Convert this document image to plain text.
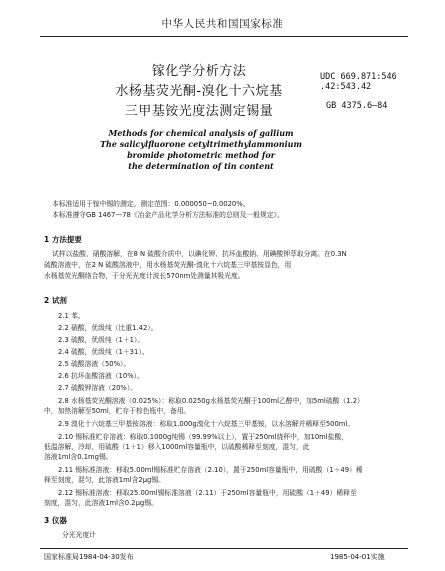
中华人民共和国国家标准
镓化学分析方法
水杨基荧光酮-溴化十六烷基
三甲基铵光度法测定锡量
UDC 669.871:546
.42:543.42
GB 4375.6—84
Methods for chemical analysis of gallium
The salicylfluorone cetyltrimethylammonium
bromide photometric method for
the determination of tin content
本标准适用于镓中锡的测定。测定范围：0.000050~0.0020%。
本标准遵守GB 1467—78《冶金产品化学分析方法标准的总则及一般规定》。
1 方法提要
试样以盐酸、硝酸溶解，在8 N 硫酸介质中，以碘化钾、抗坏血酸钠、用碘酸钾萃取分离。在0.3N
硫酸溶液中，在2 N 硫酸溶液中，用水杨基荧光酮-溴化十六烷基三甲基铵显色，用
水杨基荧光酮络合物，于分光光度计波长570nm处测量其吸光度。
2 试剂
2.1 苯。
2.2 硝酸，优级纯（比重1.42）。
2.3 硫酸，优级纯（1＋1）。
2.4 硫酸，优级纯（1＋31）。
2.5 硫酸溶液（50%）。
2.6 抗坏血酸溶液（10%）。
2.7 硫酸钾溶液（20%）。
2.8 水杨基荧光酮溶液（0.025%）：称取0.0250g水杨基荧光酮于100ml乙醇中，加5ml硫酸（1.2）
中，加热溶解至50ml，贮存于棕色瓶中，备用。
2.9 溴化十六烷基三甲基铵溶液：称取1.000g溴化十六烷基三甲基铵，以水溶解并稀释至500ml。
2.10 锡标准贮存溶液：称取0.1000g纯锡（99.99%以上），置于250ml烧杯中，加10ml盐酸，
低温溶解，冷却，用硫酸（1＋1）移入1000ml容量瓶中，以硫酸稀释至刻度，混匀，此
溶液1ml含0.1mg锡。
2.11 锡标准溶液：移取5.00ml锡标准贮存溶液（2.10），置于250ml容量瓶中，用硫酸（1＋49）稀
释至刻度，混匀，此溶液1ml含2μg锡。
2.12 锡标准溶液：移取25.00ml锡标准溶液（2.11）于250ml容量瓶中，用硫酸（1＋49）稀释至
刻度，混匀，此溶液1ml含0.2μg锡。
3 仪器
分光光度计
国家标准局1984-04-30发布	1985-04-01实施
